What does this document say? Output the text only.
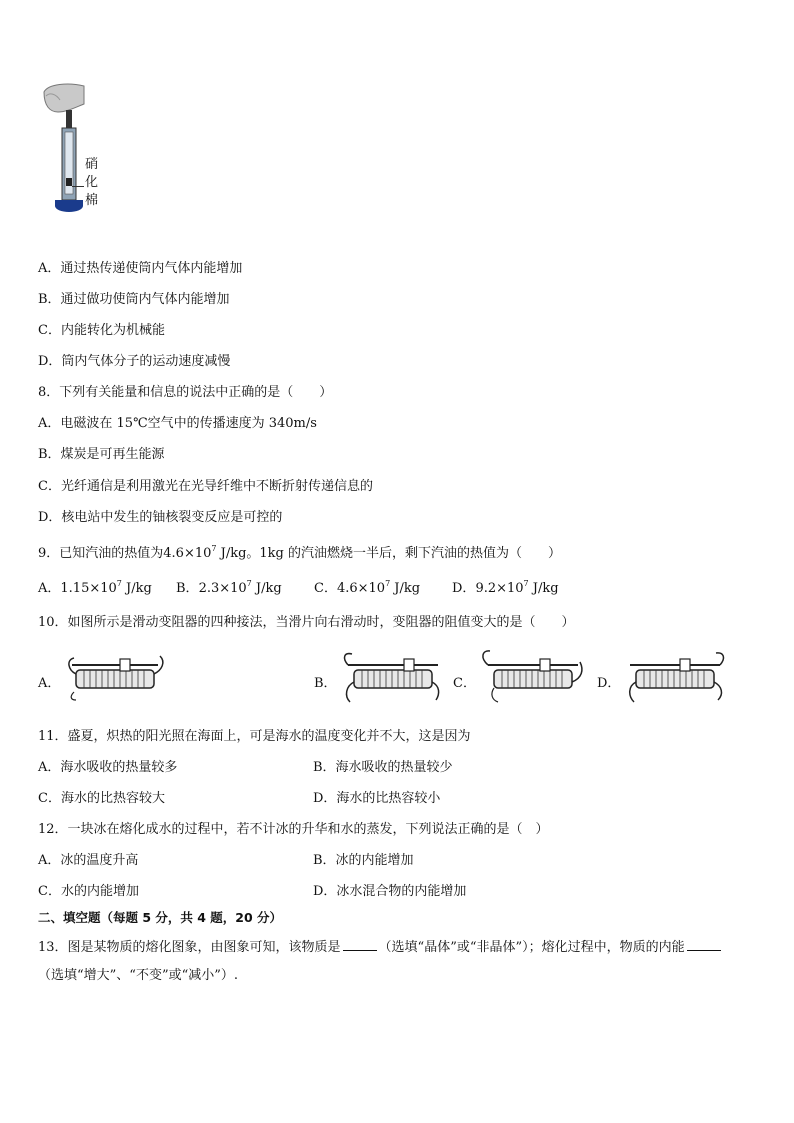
硝
化
棉
A．通过热传递使筒内气体内能增加
B．通过做功使筒内气体内能增加
C．内能转化为机械能
D．筒内气体分子的运动速度减慢
8．下列有关能量和信息的说法中正确的是（　　）
A．电磁波在 15℃空气中的传播速度为 340m/s
B．煤炭是可再生能源
C．光纤通信是利用激光在光导纤维中不断折射传递信息的
D．核电站中发生的铀核裂变反应是可控的
9．已知汽油的热值为$4.6\times 10^7$ J/kg。1kg 的汽油燃烧一半后，剩下汽油的热值为（　　）
A．$1.15\times 10^7$ J/kg B．$2.3\times 10^7$ J/kg C．$4.6\times 10^7$ J/kg D．$9.2\times 10^7$ J/kg
10．如图所示是滑动变阻器的四种接法，当滑片向右滑动时，变阻器的阻值变大的是（　　）
A．	B．	C．	D．
11．盛夏，炽热的阳光照在海面上，可是海水的温度变化并不大，这是因为
A．海水吸收的热量较多	B．海水吸收的热量较少
C．海水的比热容较大	D．海水的比热容较小
12．一块冰在熔化成水的过程中，若不计冰的升华和水的蒸发，下列说法正确的是（　）
A．冰的温度升高	B．冰的内能增加
C．水的内能增加	D．冰水混合物的内能增加
二、填空题（每题 5 分，共 4 题，20 分）
13．图是某物质的熔化图象，由图象可知，该物质是	（选填“晶体”或“非晶体”）；熔化过程中，物质的内能
（选填“增大”、“不变”或“减小”）.
